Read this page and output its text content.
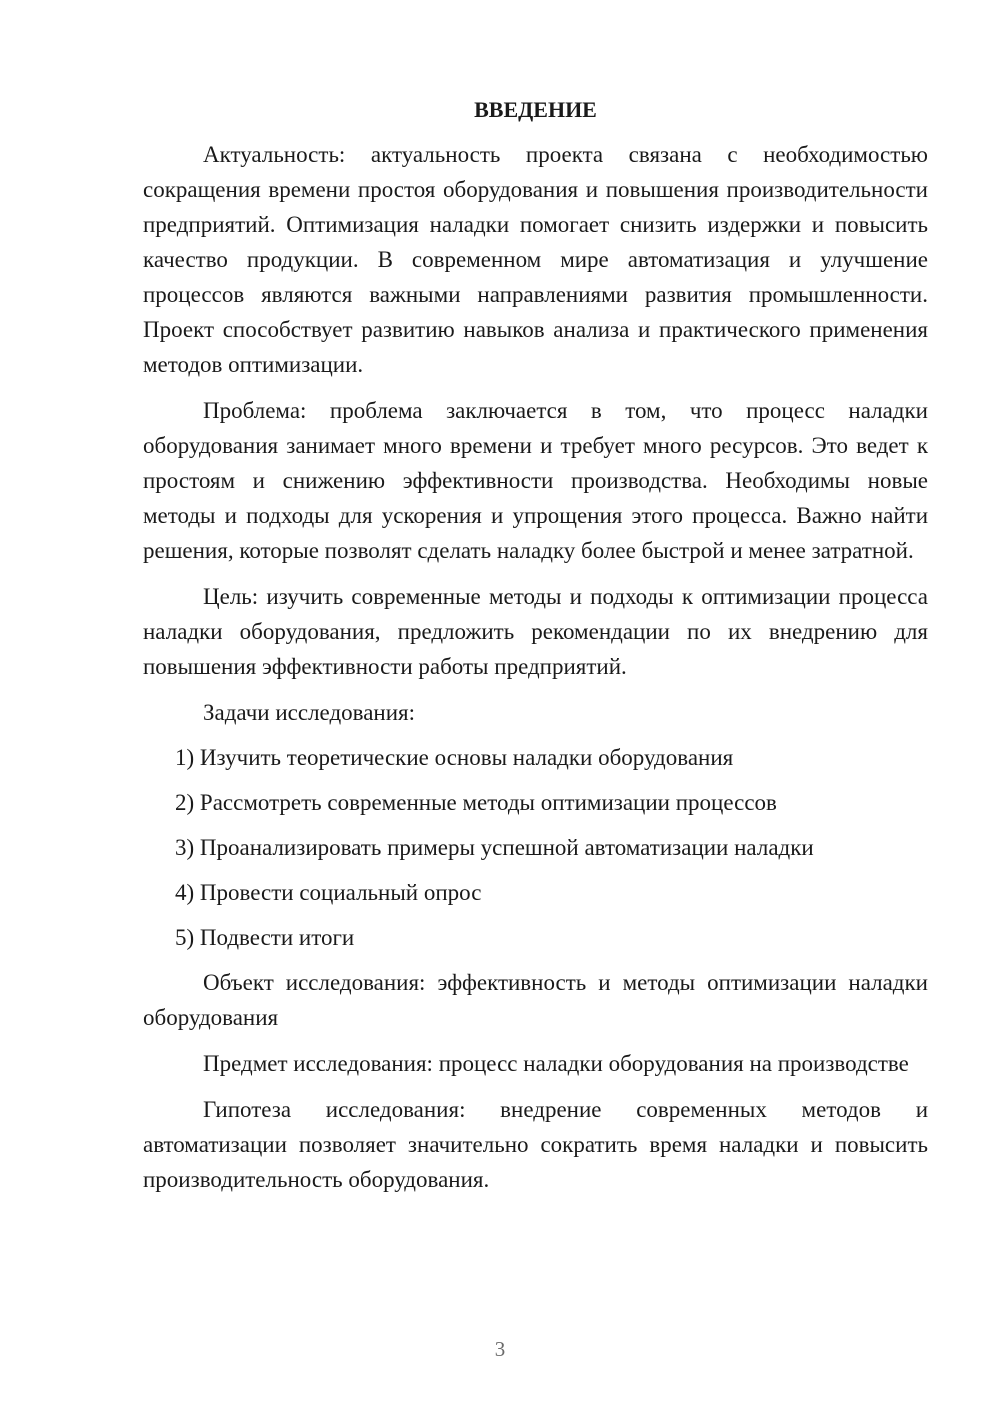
ВВЕДЕНИЕ

Актуальность: актуальность проекта связана с необходимостью сокращения времени простоя оборудования и повышения производительности предприятий. Оптимизация наладки помогает снизить издержки и повысить качество продукции. В современном мире автоматизация и улучшение процессов являются важными направлениями развития промышленности. Проект способствует развитию навыков анализа и практического применения методов оптимизации.

Проблема: проблема заключается в том, что процесс наладки оборудования занимает много времени и требует много ресурсов. Это ведет к простоям и снижению эффективности производства. Необходимы новые методы и подходы для ускорения и упрощения этого процесса. Важно найти решения, которые позволят сделать наладку более быстрой и менее затратной.

Цель: изучить современные методы и подходы к оптимизации процесса наладки оборудования, предложить рекомендации по их внедрению для повышения эффективности работы предприятий.

Задачи исследования:

1) Изучить теоретические основы наладки оборудования
2) Рассмотреть современные методы оптимизации процессов
3) Проанализировать примеры успешной автоматизации наладки
4) Провести социальный опрос
5) Подвести итоги

Объект исследования: эффективность и методы оптимизации наладки оборудования

Предмет исследования: процесс наладки оборудования на производстве

Гипотеза исследования: внедрение современных методов и автоматизации позволяет значительно сократить время наладки и повысить производительность оборудования.

3
